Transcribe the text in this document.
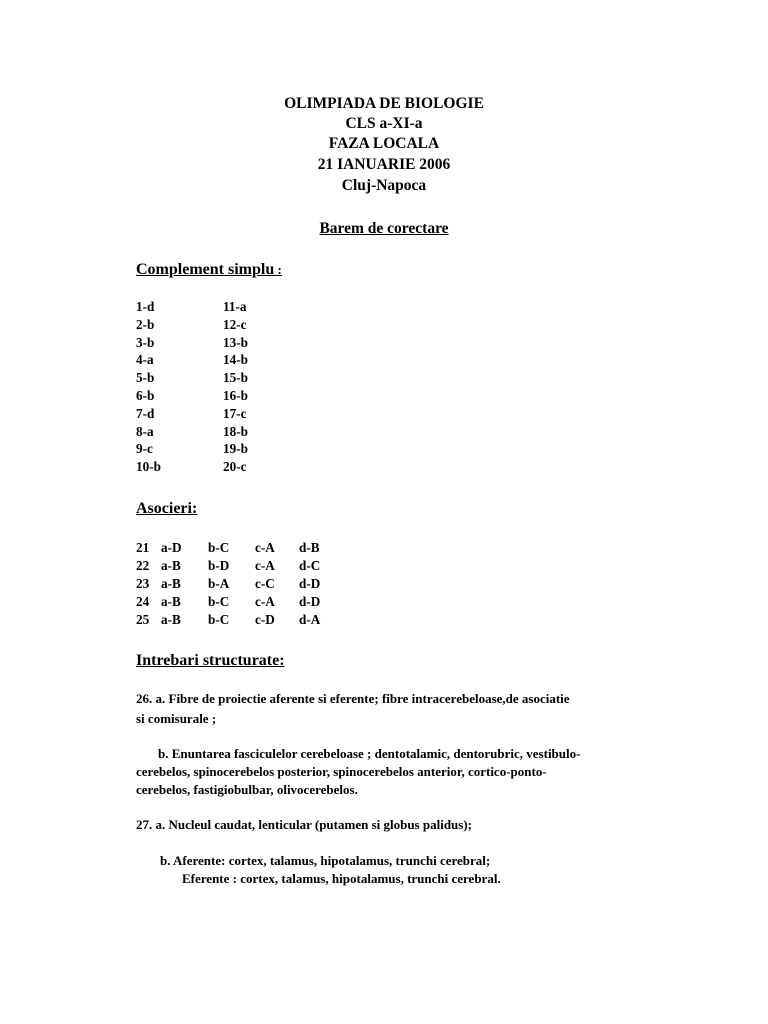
OLIMPIADA DE BIOLOGIE
CLS a-XI-a
FAZA LOCALA
21 IANUARIE 2006
Cluj-Napoca
Barem de corectare
Complement simplu :
1-d	11-a
2-b	12-c
3-b	13-b
4-a	14-b
5-b	15-b
6-b	16-b
7-d	17-c
8-a	18-b
9-c	19-b
10-b	20-c
Asocieri:
21 a-D b-C c-A d-B
22 a-B b-D c-A d-C
23 a-B b-A c-C d-D
24 a-B b-C c-A d-D
25 a-B b-C c-D d-A
Intrebari structurate:
26. a. Fibre de proiectie aferente si eferente; fibre intracerebeloase,de asociatie
si comisurale ;
b. Enuntarea fasciculelor cerebeloase ; dentotalamic, dentorubric, vestibulo-
cerebelos, spinocerebelos posterior, spinocerebelos anterior, cortico-ponto-
cerebelos, fastigiobulbar, olivocerebelos.
27. a. Nucleul caudat, lenticular (putamen si globus palidus);
b. Aferente: cortex, talamus, hipotalamus, trunchi cerebral;
Eferente : cortex, talamus, hipotalamus, trunchi cerebral.
